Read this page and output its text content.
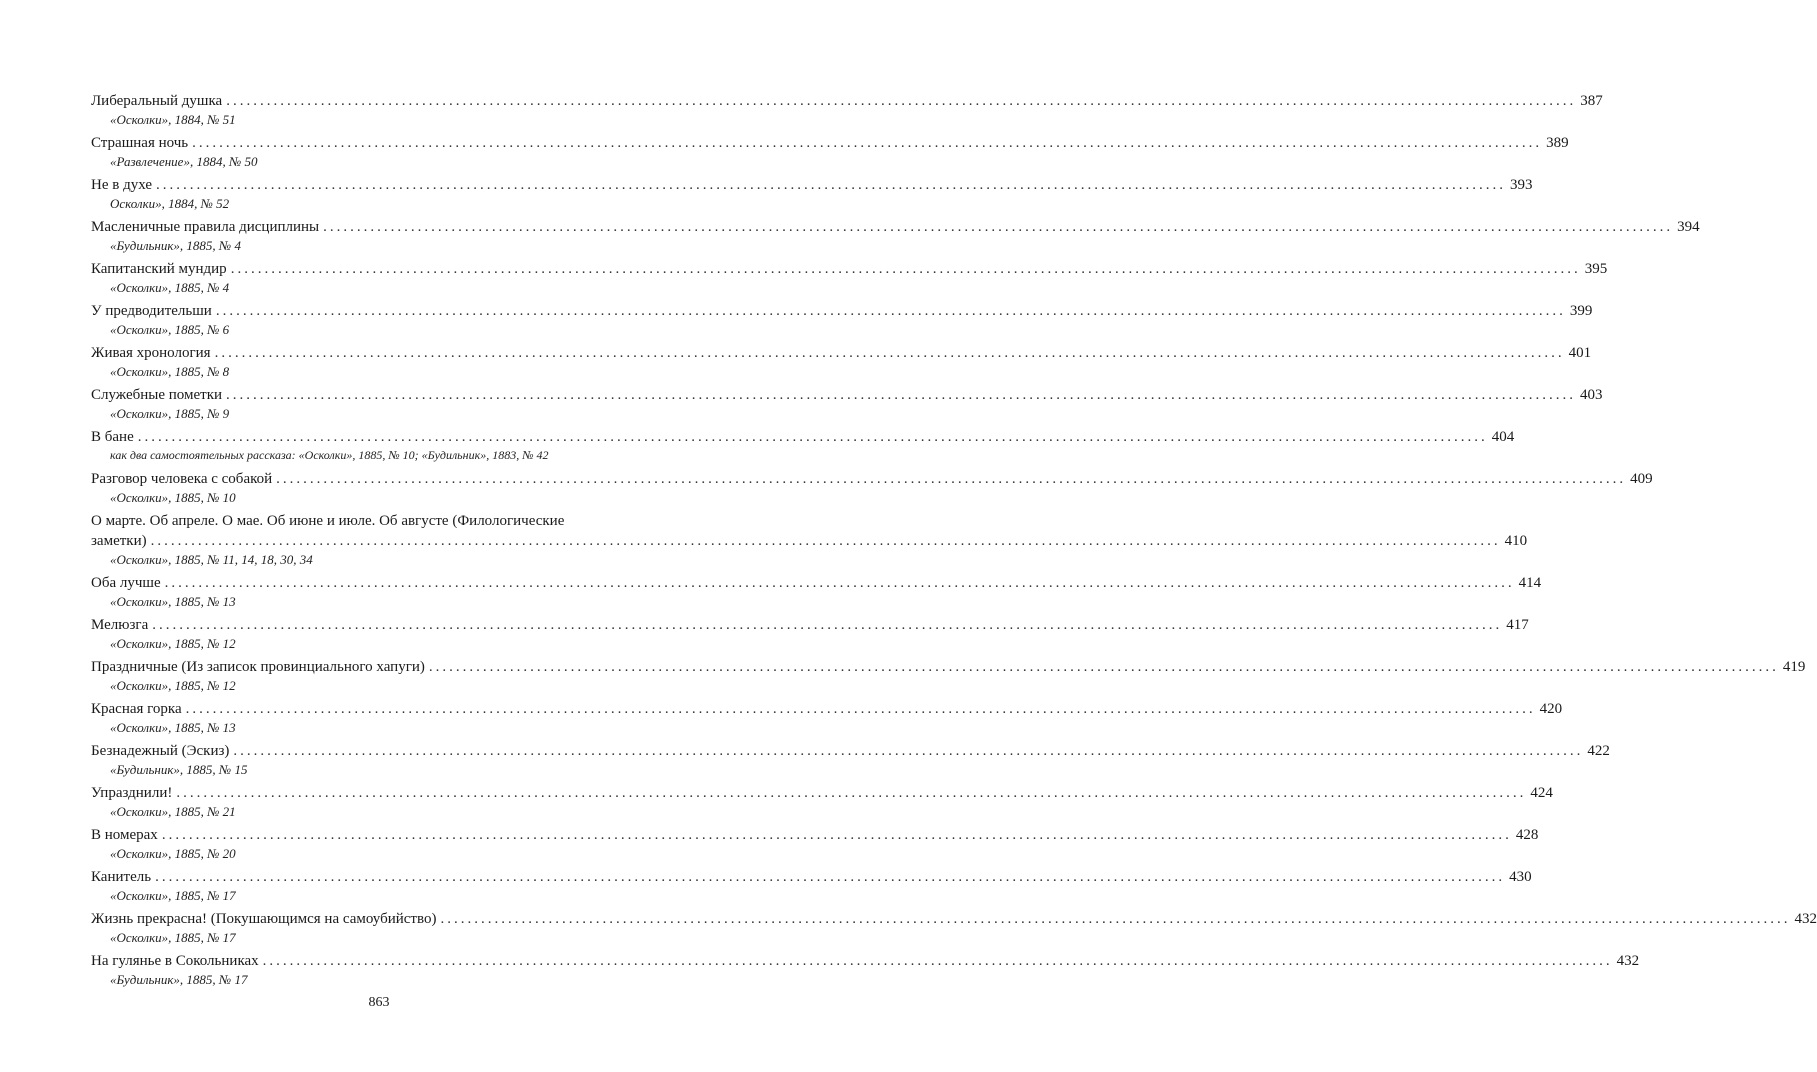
Либеральный душка ........................................................................................................................................................................................................ 387
«Осколки», 1884, № 51
Страшная ночь ........................................................................................................................................................................................................ 389
«Развлечение», 1884, № 50
Не в духе ........................................................................................................................................................................................................ 393
Осколки», 1884, № 52
Масленичные правила дисциплины ........................................................................................................................................................................................................ 394
«Будильник», 1885, № 4
Капитанский мундир ........................................................................................................................................................................................................ 395
«Осколки», 1885, № 4
У предводительши ........................................................................................................................................................................................................ 399
«Осколки», 1885, № 6
Живая хронология ........................................................................................................................................................................................................ 401
«Осколки», 1885, № 8
Служебные пометки ........................................................................................................................................................................................................ 403
«Осколки», 1885, № 9
В бане ........................................................................................................................................................................................................ 404
как два самостоятельных рассказа: «Осколки», 1885, № 10; «Будильник», 1883, № 42
Разговор человека с собакой ........................................................................................................................................................................................................ 409
«Осколки», 1885, № 10
О марте. Об апреле. О мае. Об июне и июле. Об августе (Филологические
заметки) ........................................................................................................................................................................................................ 410
«Осколки», 1885, № 11, 14, 18, 30, 34
Оба лучше ........................................................................................................................................................................................................ 414
«Осколки», 1885, № 13
Мелюзга ........................................................................................................................................................................................................ 417
«Осколки», 1885, № 12
Праздничные (Из записок провинциального хапуги) ........................................................................................................................................................................................................ 419
«Осколки», 1885, № 12
Красная горка ........................................................................................................................................................................................................ 420
«Осколки», 1885, № 13
Безнадежный (Эскиз) ........................................................................................................................................................................................................ 422
«Будильник», 1885, № 15
Упразднили! ........................................................................................................................................................................................................ 424
«Осколки», 1885, № 21
В номерах ........................................................................................................................................................................................................ 428
«Осколки», 1885, № 20
Канитель ........................................................................................................................................................................................................ 430
«Осколки», 1885, № 17
Жизнь прекрасна! (Покушающимся на самоубийство) ........................................................................................................................................................................................................ 432
«Осколки», 1885, № 17
На гулянье в Сокольниках ........................................................................................................................................................................................................ 432
«Будильник», 1885, № 17
863
